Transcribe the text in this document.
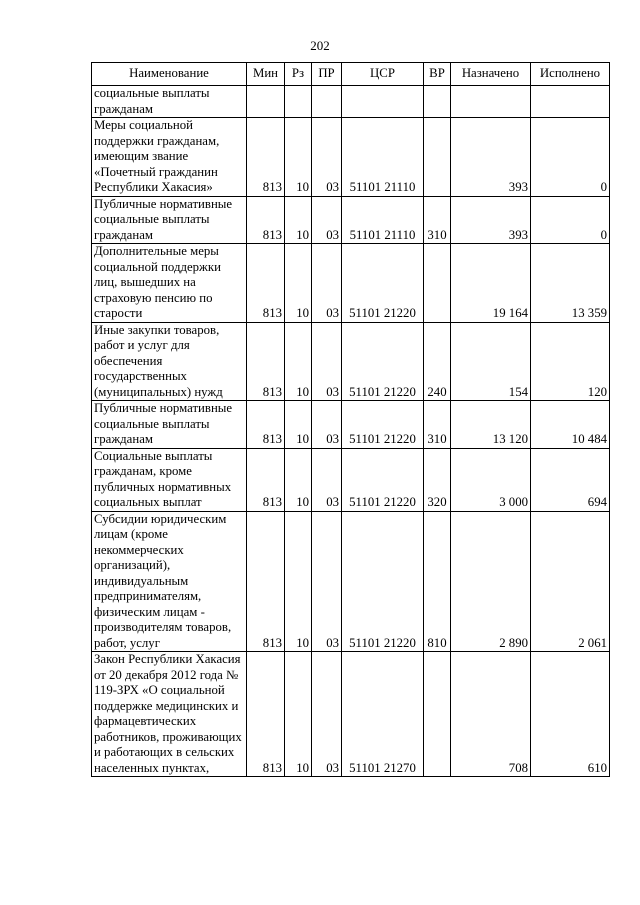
202
Наименование	Мин	Рз	ПР	ЦСР	ВР	Назначено	Исполнено
социальные выплаты гражданам							
Меры социальной поддержки гражданам, имеющим звание «Почетный гражданин Республики Хакасия»	813	10	03	51101 21110		393	0
Публичные нормативные социальные выплаты гражданам	813	10	03	51101 21110	310	393	0
Дополнительные меры социальной поддержки лиц, вышедших на страховую пенсию по старости	813	10	03	51101 21220		19 164	13 359
Иные закупки товаров, работ и услуг для обеспечения государственных (муниципальных) нужд	813	10	03	51101 21220	240	154	120
Публичные нормативные социальные выплаты гражданам	813	10	03	51101 21220	310	13 120	10 484
Социальные выплаты гражданам, кроме публичных нормативных социальных выплат	813	10	03	51101 21220	320	3 000	694
Субсидии юридическим лицам (кроме некоммерческих организаций), индивидуальным предпринимателям, физическим лицам - производителям товаров, работ, услуг	813	10	03	51101 21220	810	2 890	2 061
Закон Республики Хакасия от 20 декабря 2012 года № 119-ЗРХ «О социальной поддержке медицинских и фармацевтических работников, проживающих и работающих в сельских населенных пунктах,	813	10	03	51101 21270		708	610
